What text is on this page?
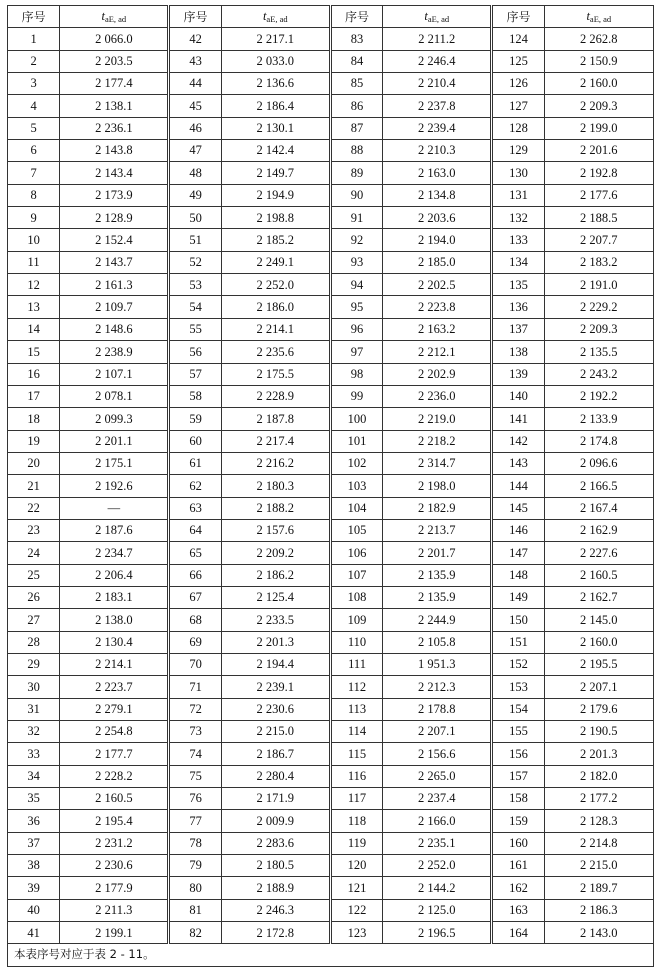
序号	$t_{aE, ad}$	序号	$t_{aE, ad}$	序号	$t_{aE, ad}$	序号	$t_{aE, ad}$
1	2 066.0	42	2 217.1	83	2 211.2	124	2 262.8
2	2 203.5	43	2 033.0	84	2 246.4	125	2 150.9
3	2 177.4	44	2 136.6	85	2 210.4	126	2 160.0
4	2 138.1	45	2 186.4	86	2 237.8	127	2 209.3
5	2 236.1	46	2 130.1	87	2 239.4	128	2 199.0
6	2 143.8	47	2 142.4	88	2 210.3	129	2 201.6
7	2 143.4	48	2 149.7	89	2 163.0	130	2 192.8
8	2 173.9	49	2 194.9	90	2 134.8	131	2 177.6
9	2 128.9	50	2 198.8	91	2 203.6	132	2 188.5
10	2 152.4	51	2 185.2	92	2 194.0	133	2 207.7
11	2 143.7	52	2 249.1	93	2 185.0	134	2 183.2
12	2 161.3	53	2 252.0	94	2 202.5	135	2 191.0
13	2 109.7	54	2 186.0	95	2 223.8	136	2 229.2
14	2 148.6	55	2 214.1	96	2 163.2	137	2 209.3
15	2 238.9	56	2 235.6	97	2 212.1	138	2 135.5
16	2 107.1	57	2 175.5	98	2 202.9	139	2 243.2
17	2 078.1	58	2 228.9	99	2 236.0	140	2 192.2
18	2 099.3	59	2 187.8	100	2 219.0	141	2 133.9
19	2 201.1	60	2 217.4	101	2 218.2	142	2 174.8
20	2 175.1	61	2 216.2	102	2 314.7	143	2 096.6
21	2 192.6	62	2 180.3	103	2 198.0	144	2 166.5
22	—	63	2 188.2	104	2 182.9	145	2 167.4
23	2 187.6	64	2 157.6	105	2 213.7	146	2 162.9
24	2 234.7	65	2 209.2	106	2 201.7	147	2 227.6
25	2 206.4	66	2 186.2	107	2 135.9	148	2 160.5
26	2 183.1	67	2 125.4	108	2 135.9	149	2 162.7
27	2 138.0	68	2 233.5	109	2 244.9	150	2 145.0
28	2 130.4	69	2 201.3	110	2 105.8	151	2 160.0
29	2 214.1	70	2 194.4	111	1 951.3	152	2 195.5
30	2 223.7	71	2 239.1	112	2 212.3	153	2 207.1
31	2 279.1	72	2 230.6	113	2 178.8	154	2 179.6
32	2 254.8	73	2 215.0	114	2 207.1	155	2 190.5
33	2 177.7	74	2 186.7	115	2 156.6	156	2 201.3
34	2 228.2	75	2 280.4	116	2 265.0	157	2 182.0
35	2 160.5	76	2 171.9	117	2 237.4	158	2 177.2
36	2 195.4	77	2 009.9	118	2 166.0	159	2 128.3
37	2 231.2	78	2 283.6	119	2 235.1	160	2 214.8
38	2 230.6	79	2 180.5	120	2 252.0	161	2 215.0
39	2 177.9	80	2 188.9	121	2 144.2	162	2 189.7
40	2 211.3	81	2 246.3	122	2 125.0	163	2 186.3
41	2 199.1	82	2 172.8	123	2 196.5	164	2 143.0
本表序号对应于表 2 - 11。							
